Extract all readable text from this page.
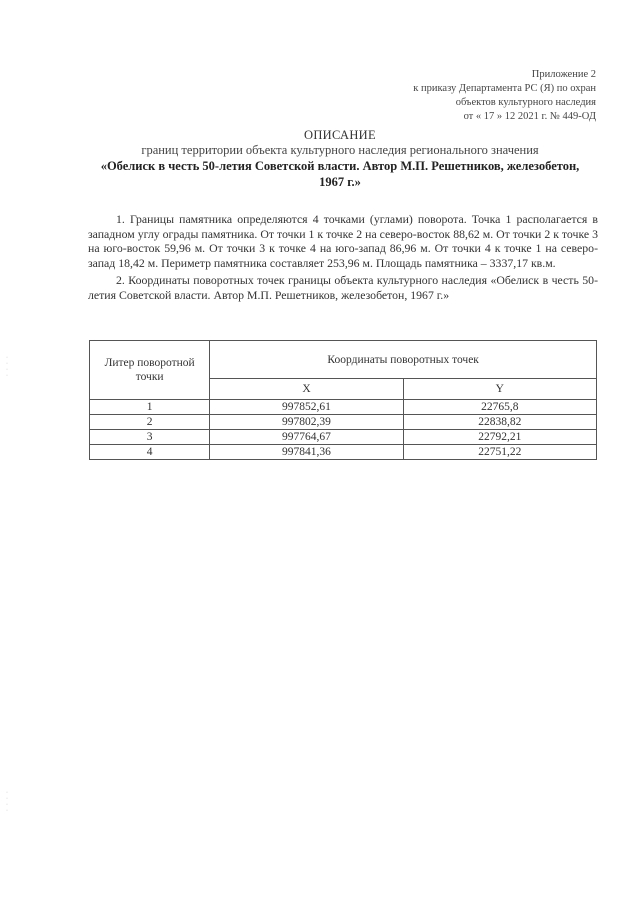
Приложение 2
к приказу Департамента РС (Я) по охран
объектов культурного наследия
от « 17 » 12 2021 г. № 449-ОД
ОПИСАНИЕ
границ территории объекта культурного наследия регионального значения
«Обелиск в честь 50-летия Советской власти. Автор М.П. Решетников, железобетон,
1967 г.»

1. Границы памятника определяются 4 точками (углами) поворота. Точка 1 располагается в западном углу ограды памятника. От точки 1 к точке 2 на северо-восток 88,62 м. От точки 2 к точке 3 на юго-восток 59,96 м. От точки 3 к точке 4 на юго-запад 86,96 м. От точки 4 к точке 1 на северо-запад 18,42 м. Периметр памятника составляет 253,96 м. Площадь памятника – 3337,17 кв.м.

2. Координаты поворотных точек границы объекта культурного наследия «Обелиск в честь 50-летия Советской власти. Автор М.П. Решетников, железобетон, 1967 г.»

Литер поворотной точки	Координаты поворотных точек	
	X	Y
1	997852,61	22765,8
2	997802,39	22838,82
3	997764,67	22792,21
4	997841,36	22751,22
·
·
·
·
·
·
·
·
